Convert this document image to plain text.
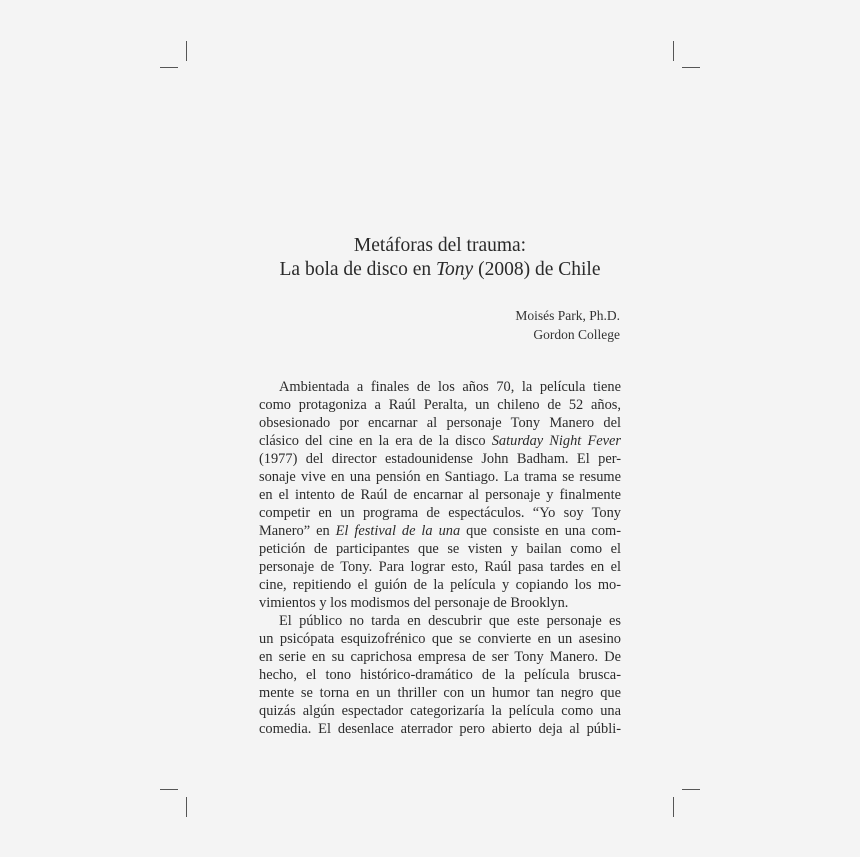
Metáforas del trauma:
La bola de disco en Tony (2008) de Chile
Moisés Park, Ph.D.
Gordon College
Ambientada a finales de los años 70, la película tiene
como protagoniza a Raúl Peralta, un chileno de 52 años,
obsesionado por encarnar al personaje Tony Manero del
clásico del cine en la era de la disco Saturday Night Fever
(1977) del director estadounidense John Badham. El per-
sonaje vive en una pensión en Santiago. La trama se resume
en el intento de Raúl de encarnar al personaje y finalmente
competir en un programa de espectáculos. “Yo soy Tony
Manero” en El festival de la una que consiste en una com-
petición de participantes que se visten y bailan como el
personaje de Tony. Para lograr esto, Raúl pasa tardes en el
cine, repitiendo el guión de la película y copiando los mo-
vimientos y los modismos del personaje de Brooklyn.
El público no tarda en descubrir que este personaje es
un psicópata esquizofrénico que se convierte en un asesino
en serie en su caprichosa empresa de ser Tony Manero. De
hecho, el tono histórico-dramático de la película brusca-
mente se torna en un thriller con un humor tan negro que
quizás algún espectador categorizaría la película como una
comedia. El desenlace aterrador pero abierto deja al públi-
